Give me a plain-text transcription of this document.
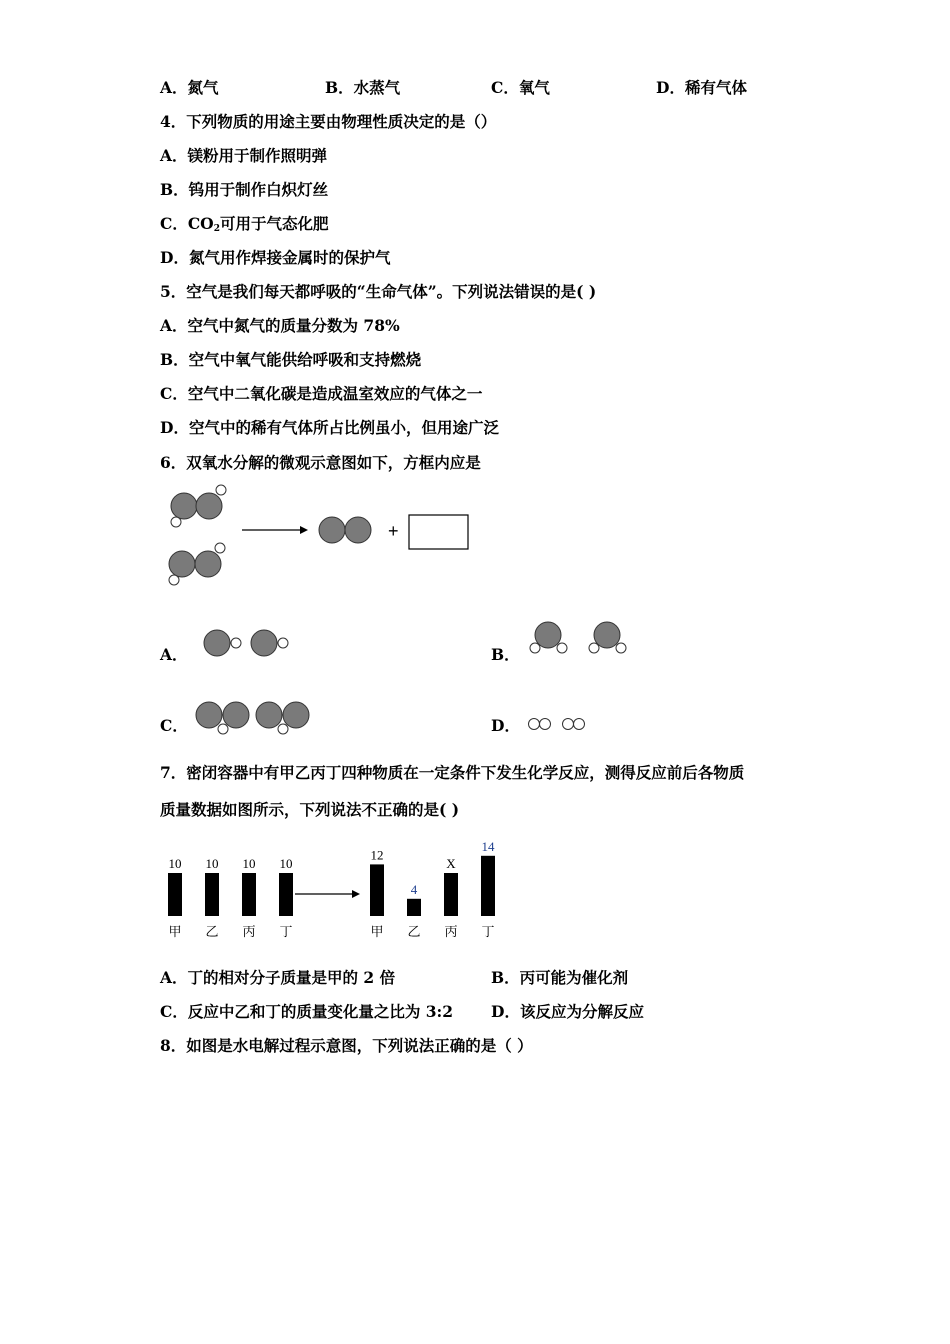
A．氮气	B．水蒸气	C．氧气	D．稀有气体
4．下列物质的用途主要由物理性质决定的是（）
A．镁粉用于制作照明弹
B．钨用于制作白炽灯丝
C．$CO_2$可用于气态化肥
D．氮气用作焊接金属时的保护气
5．空气是我们每天都呼吸的“生命气体”。下列说法错误的是( )
A．空气中氮气的质量分数为 78%
B．空气中氧气能供给呼吸和支持燃烧
C．空气中二氧化碳是造成温室效应的气体之一
D．空气中的稀有气体所占比例虽小，但用途广泛
6．双氧水分解的微观示意图如下，方框内应是
+
A．	B．
C．	D．
7．密闭容器中有甲乙丙丁四种物质在一定条件下发生化学反应，测得反应前后各物质
质量数据如图所示，下列说法不正确的是( )
10
甲
10
乙
10
丙
10
丁
12
甲
4
乙
X
丙
14
丁
A．丁的相对分子质量是甲的 2 倍	B．丙可能为催化剂
C．反应中乙和丁的质量变化量之比为 3:2 D．该反应为分解反应
8．如图是水电解过程示意图，下列说法正确的是（ ）
